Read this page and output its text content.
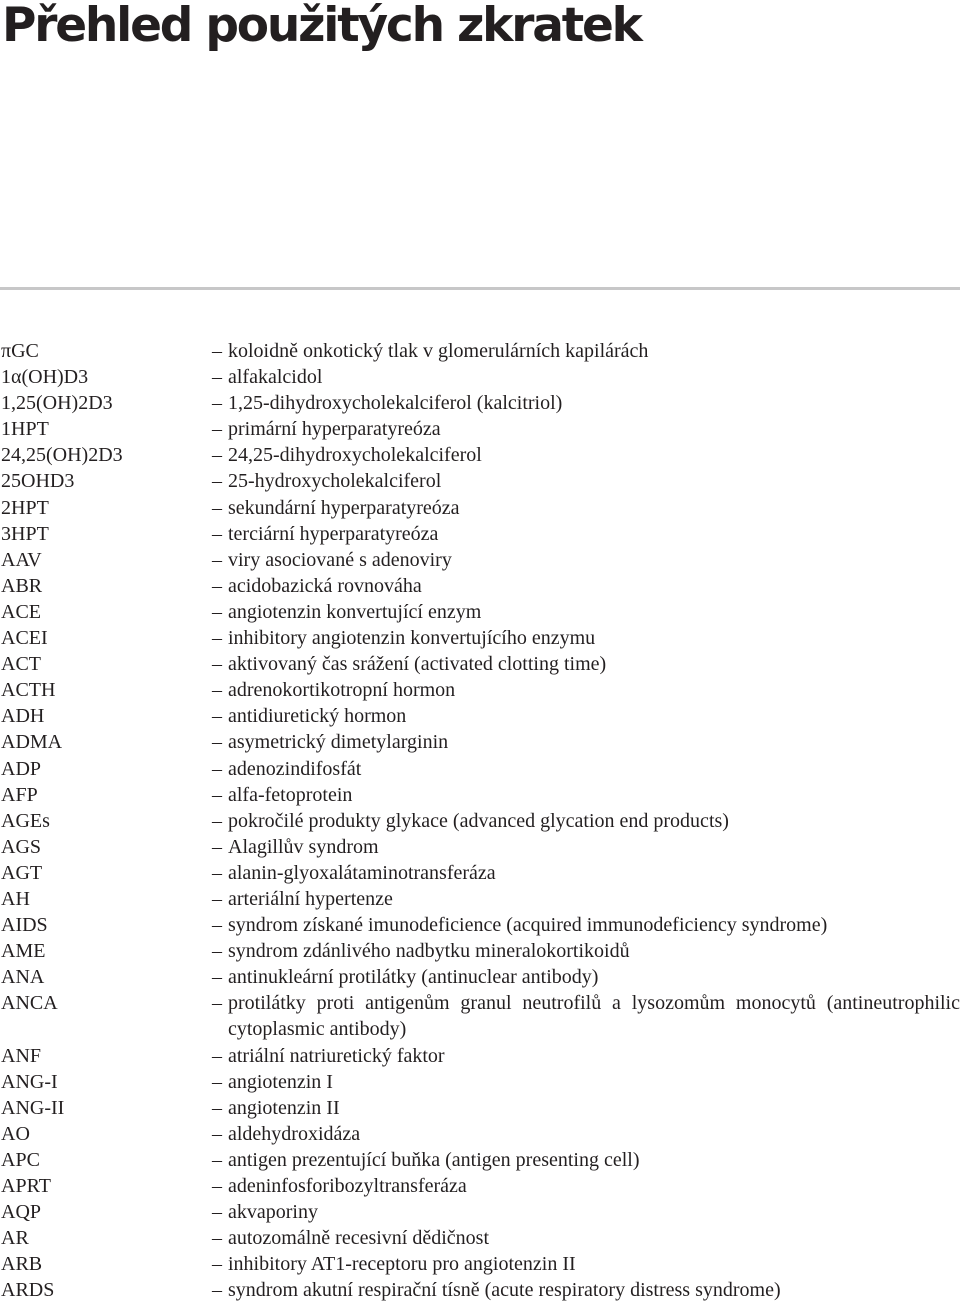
Přehled použitých zkratek
πGC	– koloidně onkotický tlak v glomerulárních kapilárách
1α(OH)D3	– alfakalcidol
1,25(OH)2D3	– 1,25-dihydroxycholekalciferol (kalcitriol)
1HPT	– primární hyperparatyreóza
24,25(OH)2D3	– 24,25-dihydroxycholekalciferol
25OHD3	– 25-hydroxycholekalciferol
2HPT	– sekundární hyperparatyreóza
3HPT	– terciární hyperparatyreóza
AAV	– viry asociované s adenoviry
ABR	– acidobazická rovnováha
ACE	– angiotenzin konvertující enzym
ACEI	– inhibitory angiotenzin konvertujícího enzymu
ACT	– aktivovaný čas srážení (activated clotting time)
ACTH	– adrenokortikotropní hormon
ADH	– antidiuretický hormon
ADMA	– asymetrický dimetylarginin
ADP	– adenozindifosfát
AFP	– alfa-fetoprotein
AGEs	– pokročilé produkty glykace (advanced glycation end products)
AGS	– Alagillův syndrom
AGT	– alanin-glyoxalátaminotransferáza
AH	– arteriální hypertenze
AIDS	– syndrom získané imunodeficience (acquired immunodeficiency syndrome)
AME	– syndrom zdánlivého nadbytku mineralokortikoidů
ANA	– antinukleární protilátky (antinuclear antibody)
ANCA	– protilátky proti antigenům granul neutrofilů a lysozomům monocytů (antineutrophilic cytoplasmic antibody)
ANF	– atriální natriuretický faktor
ANG-I	– angiotenzin I
ANG-II	– angiotenzin II
AO	– aldehydroxidáza
APC	– antigen prezentující buňka (antigen presenting cell)
APRT	– adeninfosforibozyltransferáza
AQP	– akvaporiny
AR	– autozomálně recesivní dědičnost
ARB	– inhibitory AT1-receptoru pro angiotenzin II
ARDS	– syndrom akutní respirační tísně (acute respiratory distress syndrome)
